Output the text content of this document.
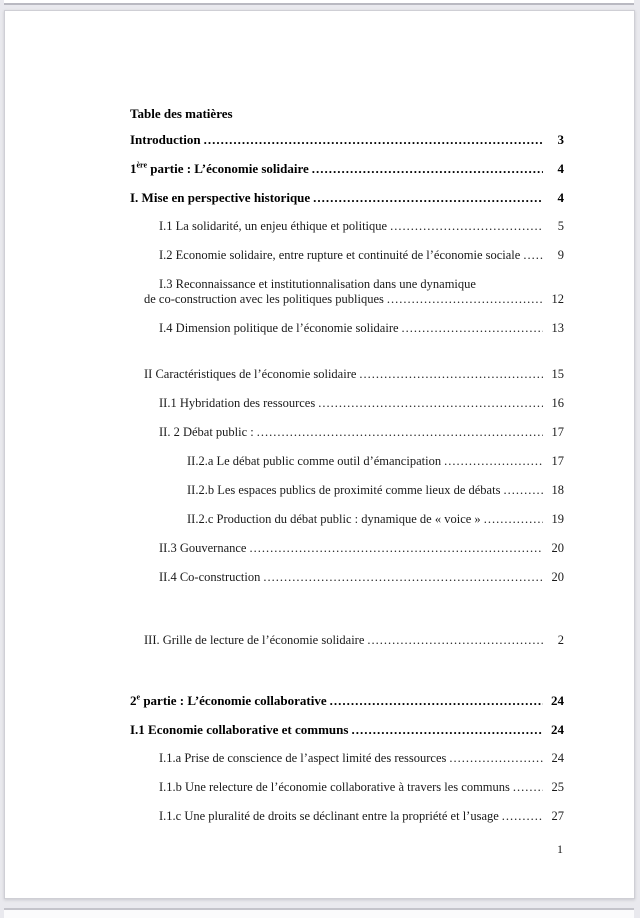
Table des matières
Introduction .....	3
1ère partie : L’économie solidaire .....	4
I. Mise en perspective historique .....	4
I.1 La solidarité, un enjeu éthique et politique .....	5
I.2 Economie solidaire, entre rupture et continuité de l’économie sociale .....	9
I.3 Reconnaissance et institutionnalisation dans une dynamique
de co-construction avec les politiques publiques .....	12
I.4 Dimension politique de l’économie solidaire .....	13
II Caractéristiques de l’économie solidaire .....	15
II.1 Hybridation des ressources .....	16
II. 2 Débat public : .....	17
II.2.a Le débat public comme outil d’émancipation .....	17
II.2.b Les espaces publics de proximité comme lieux de débats .....	18
II.2.c Production du débat public : dynamique de « voice » .....	19
II.3 Gouvernance .....	20
II.4 Co-construction .....	20
III. Grille de lecture de l’économie solidaire .....	2
2e partie : L’économie collaborative .....	24
I.1 Economie collaborative et communs .....	24
I.1.a Prise de conscience de l’aspect limité des ressources .....	24
I.1.b Une relecture de l’économie collaborative à travers les communs .....	25
I.1.c Une pluralité de droits se déclinant entre la propriété et l’usage .....	27
1
